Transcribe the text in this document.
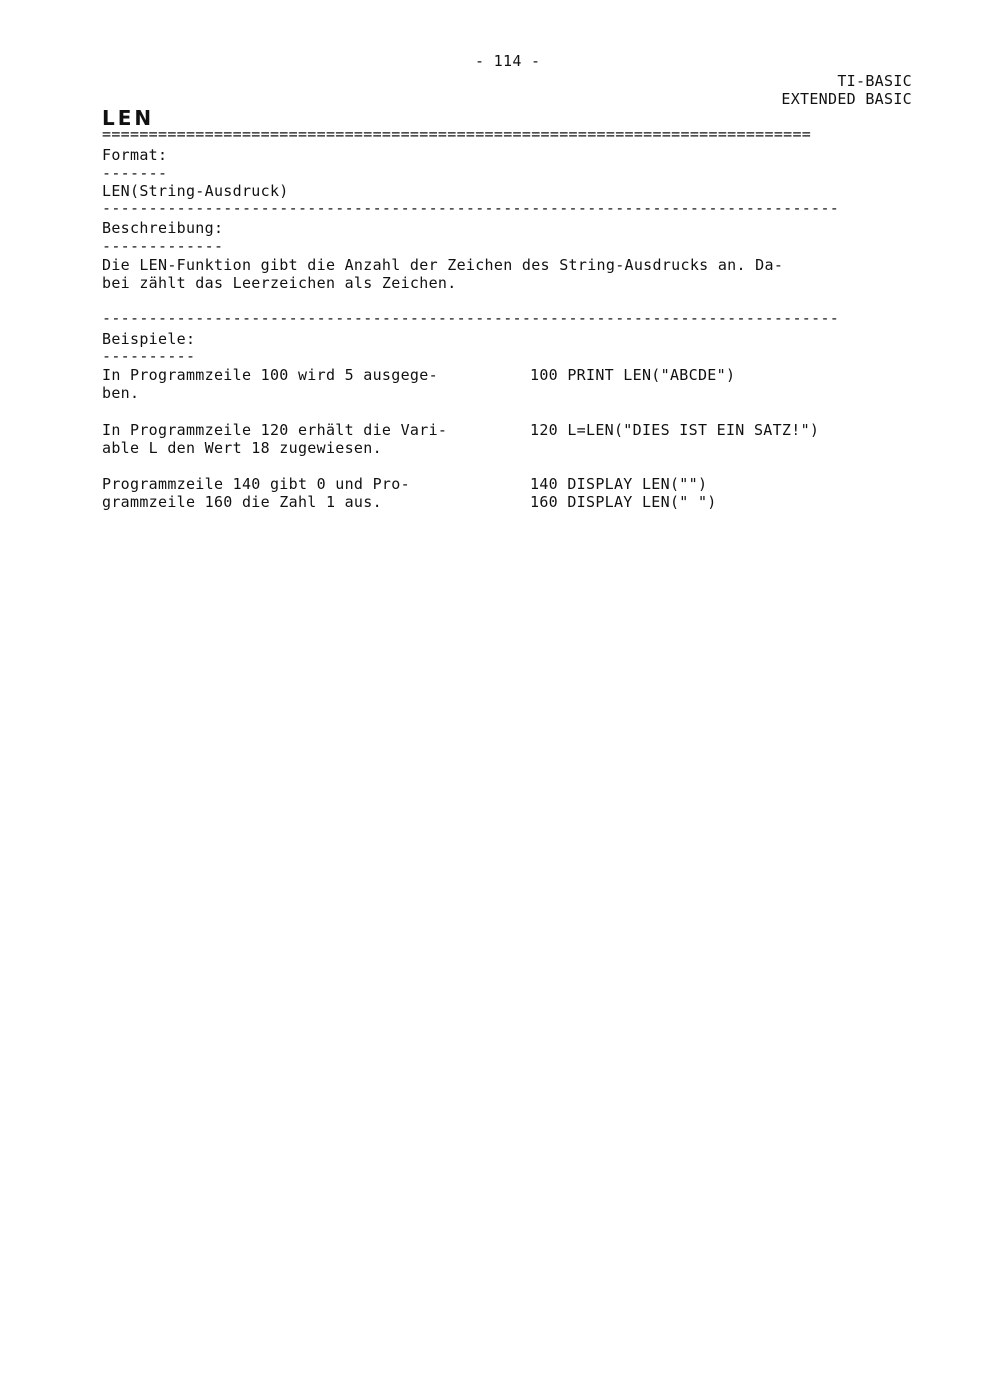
- 114 -
TI-BASIC
EXTENDED BASIC
LEN
============================================================================
Format:
-------
LEN(String-Ausdruck)
-------------------------------------------------------------------------------
Beschreibung:
-------------
Die LEN-Funktion gibt die Anzahl der Zeichen des String-Ausdrucks an. Da-
bei zählt das Leerzeichen als Zeichen.
-------------------------------------------------------------------------------
Beispiele:
----------
In Programmzeile 100 wird 5 ausgege-
ben.
100 PRINT LEN("ABCDE")
In Programmzeile 120 erhält die Vari-
able L den Wert 18 zugewiesen.
120 L=LEN("DIES IST EIN SATZ!")
Programmzeile 140 gibt 0 und Pro-
grammzeile 160 die Zahl 1 aus.
140 DISPLAY LEN("")
160 DISPLAY LEN(" ")
